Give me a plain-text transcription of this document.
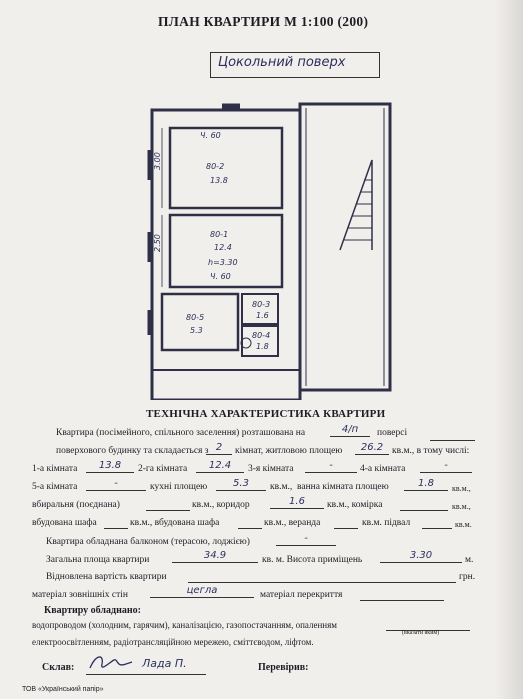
ПЛАН КВАРТИРИ М 1:100 (200)
Цокольний поверх
Ч. 60
80-2
13.8
3.00
80-1
12.4
h=3.30
Ч. 60
2.50
80-5
5.3
80-3
1.6
80-4
1.8
ТЕХНІЧНА ХАРАКТЕРИСТИКА КВАРТИРИ
Квартира (посімейного, спільного заселення) розташована на	4/п	поверсі
поверхового будинку та складається з 2	кімнат, житловою площею	26.2 кв.м., в тому числі:
1-а кімната	13.8	2-га кімната	12.4	3-я кімната	-	4-а кімната	-
5-а кімната	-	кухні площею	5.3	кв.м., ванна кімната площею	1.8	кв.м.,
вбиральня (поєднана)	кв.м., коридор	1.6	кв.м., комірка	кв.м.,
вбудована шафа	кв.м., вбудована шафа	кв.м., веранда	кв.м. підвал	кв.м.
Квартира обладнана балконом (терасою, лоджією)	-
Загальна площа квартири	34.9	кв. м. Висота приміщень	3.30	м.
Відновлена вартість квартири	грн.
матеріал зовнішніх стін	цегла	матеріал перекриття
Квартиру обладнано:
водопроводом (холодним, гарячим), каналізацією, газопостачанням, опаленням
(вказати яким)
електроосвітленням, радіотрансляційною мережею, сміттєводом, ліфтом.
Склав:	Лада П.	Перевірив:
ТОВ «Український папір»
